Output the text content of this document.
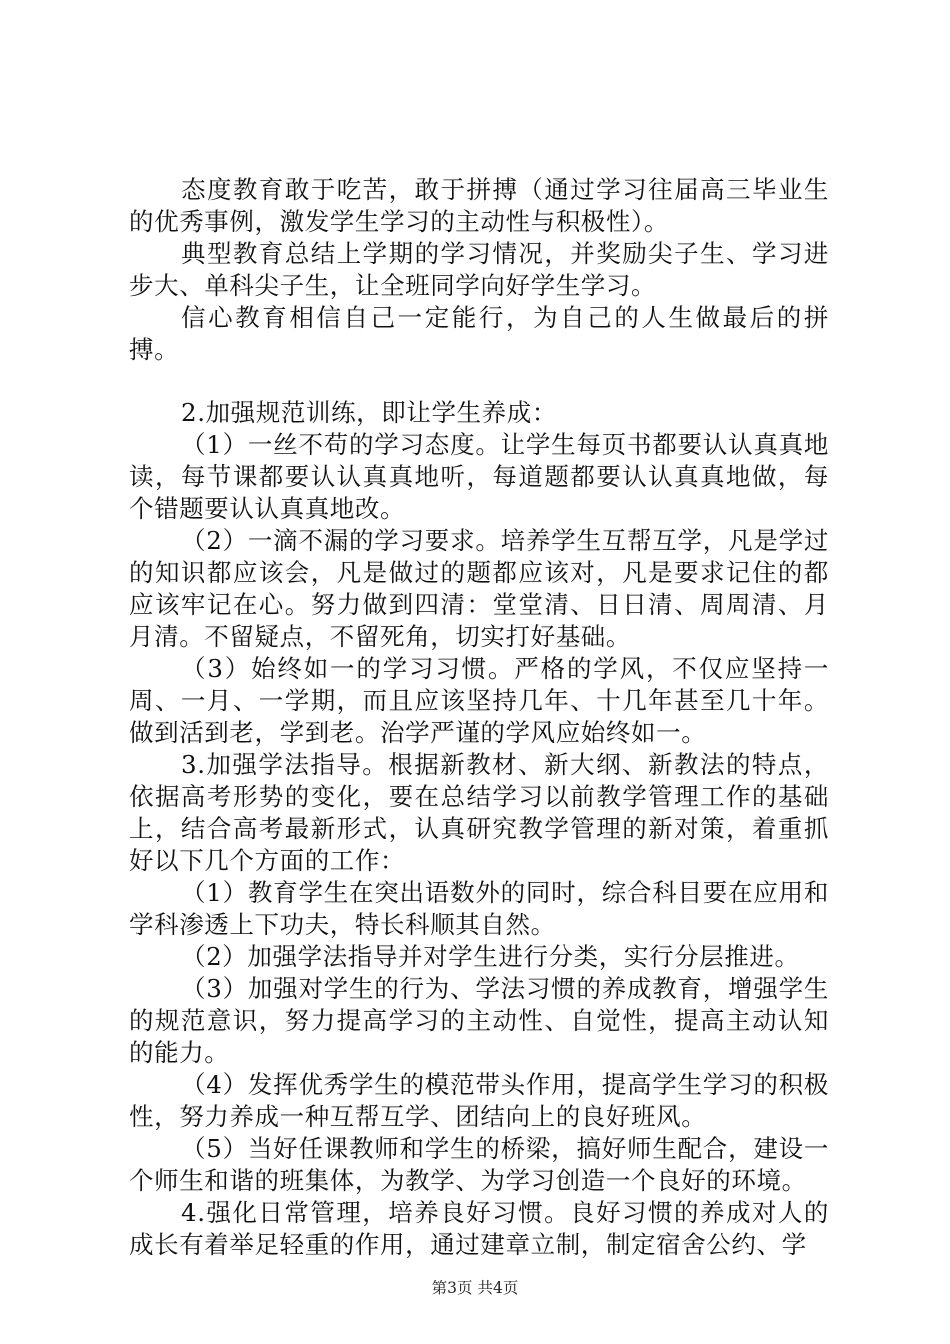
态度教育敢于吃苦，敢于拼搏（通过学习往届高三毕业生的优秀事例，激发学生学习的主动性与积极性）。

典型教育总结上学期的学习情况，并奖励尖子生、学习进步大、单科尖子生，让全班同学向好学生学习。

信心教育相信自己一定能行，为自己的人生做最后的拼搏。

2.加强规范训练，即让学生养成：

（1）一丝不苟的学习态度。让学生每页书都要认认真真地读，每节课都要认认真真地听，每道题都要认认真真地做，每个错题要认认真真地改。

（2）一滴不漏的学习要求。培养学生互帮互学，凡是学过的知识都应该会，凡是做过的题都应该对，凡是要求记住的都应该牢记在心。努力做到四清：堂堂清、日日清、周周清、月月清。不留疑点，不留死角，切实打好基础。

（3）始终如一的学习习惯。严格的学风，不仅应坚持一周、一月、一学期，而且应该坚持几年、十几年甚至几十年。做到活到老，学到老。治学严谨的学风应始终如一。

3.加强学法指导。根据新教材、新大纲、新教法的特点，依据高考形势的变化，要在总结学习以前教学管理工作的基础上，结合高考最新形式，认真研究教学管理的新对策，着重抓好以下几个方面的工作：

（1）教育学生在突出语数外的同时，综合科目要在应用和学科渗透上下功夫，特长科顺其自然。

（2）加强学法指导并对学生进行分类，实行分层推进。

（3）加强对学生的行为、学法习惯的养成教育，增强学生的规范意识，努力提高学习的主动性、自觉性，提高主动认知的能力。

（4）发挥优秀学生的模范带头作用，提高学生学习的积极性，努力养成一种互帮互学、团结向上的良好班风。

（5）当好任课教师和学生的桥梁，搞好师生配合，建设一个师生和谐的班集体，为教学、为学习创造一个良好的环境。

4.强化日常管理，培养良好习惯。良好习惯的养成对人的成长有着举足轻重的作用，通过建章立制，制定宿舍公约、学

第3页 共4页
